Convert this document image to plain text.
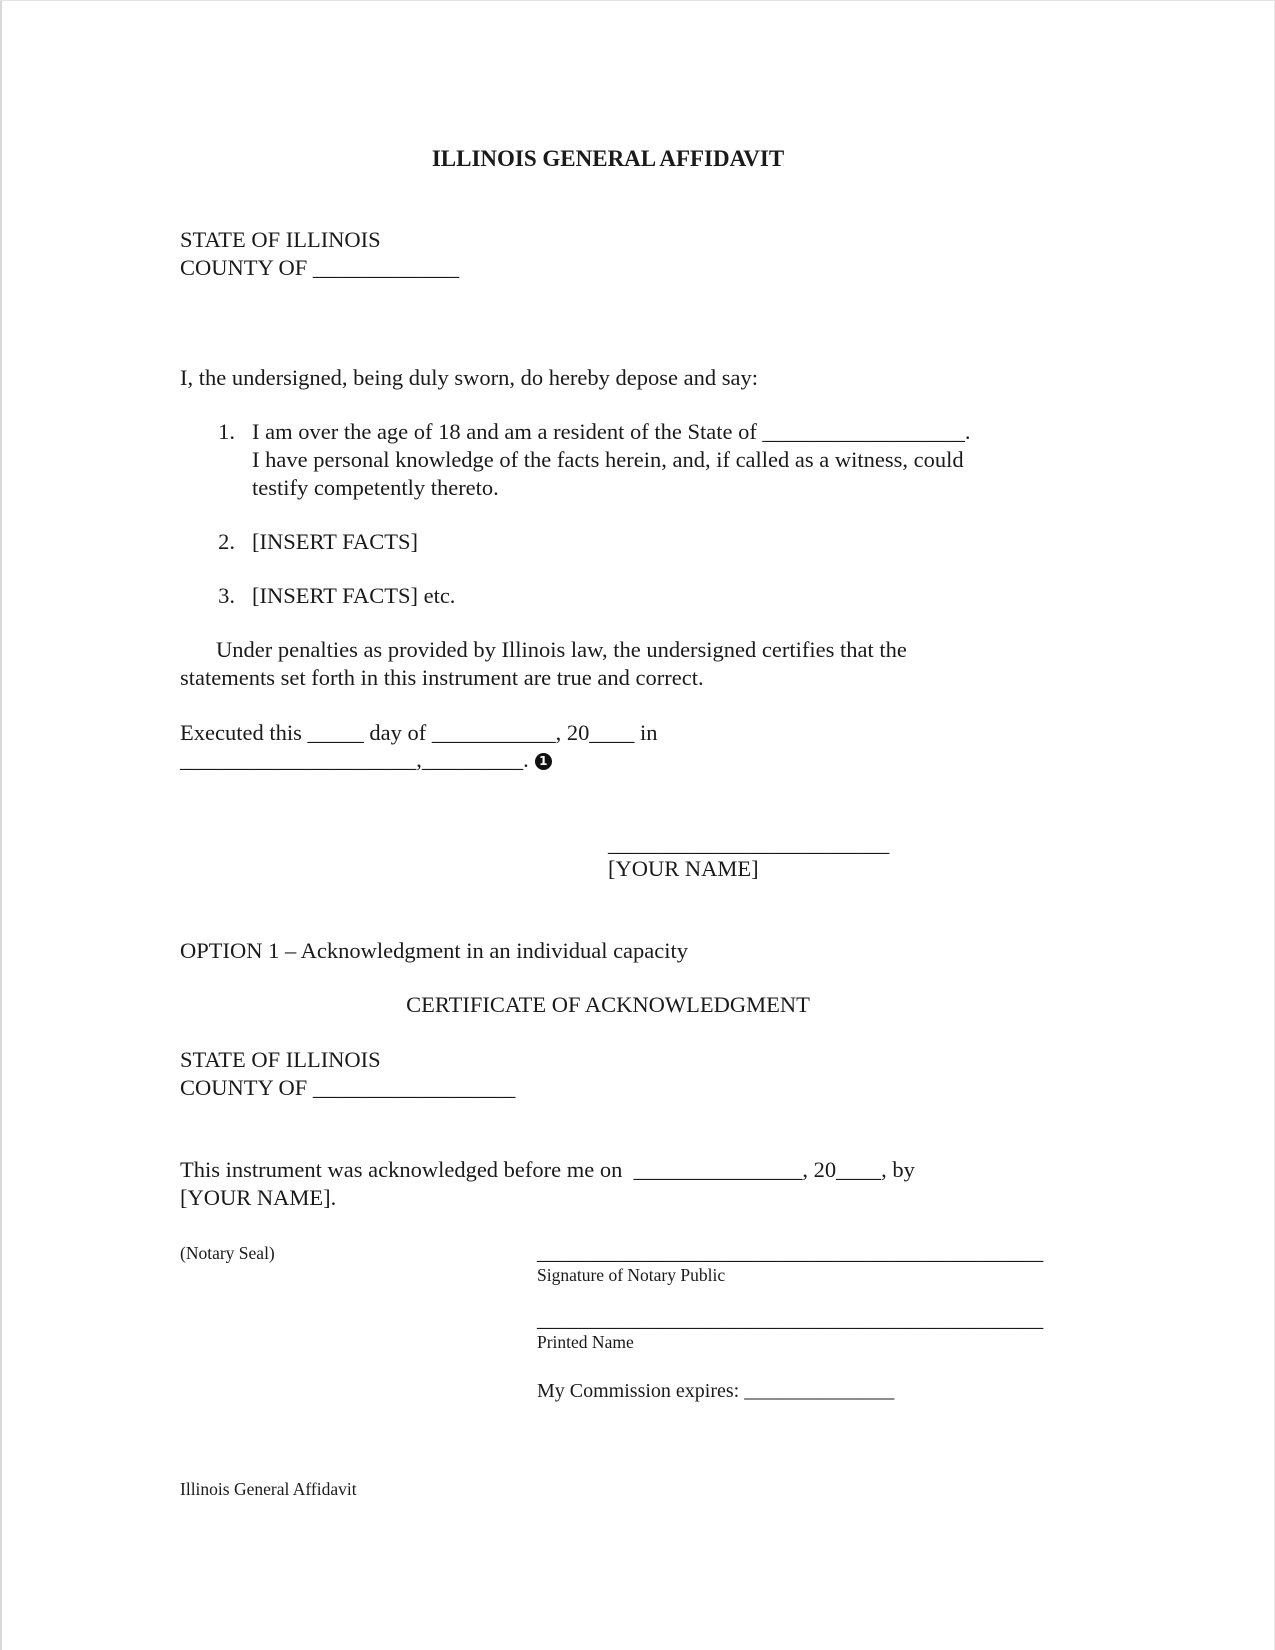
ILLINOIS GENERAL AFFIDAVIT
STATE OF ILLINOIS
COUNTY OF _____________
I, the undersigned, being duly sworn, do hereby depose and say:
1. I am over the age of 18 and am a resident of the State of __________________.
I have personal knowledge of the facts herein, and, if called as a witness, could
testify competently thereto.
2. [INSERT FACTS]
3. [INSERT FACTS] etc.
Under penalties as provided by Illinois law, the undersigned certifies that the
statements set forth in this instrument are true and correct.
Executed this _____ day of ___________, 20____ in
_____________________,_________. 1
_________________________
[YOUR NAME]
OPTION 1 – Acknowledgment in an individual capacity
CERTIFICATE OF ACKNOWLEDGMENT
STATE OF ILLINOIS
COUNTY OF __________________
This instrument was acknowledged before me on  _______________, 20____, by
[YOUR NAME].
(Notary Seal)	_____________________________________________
Signature of Notary Public
_____________________________________________
Printed Name
My Commission expires: _______________
Illinois General Affidavit
